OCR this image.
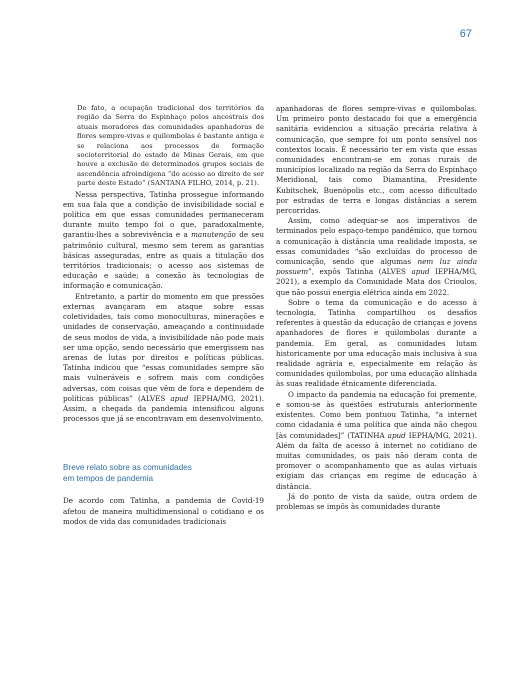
67

De fato, a ocupação tradicional dos territórios da região da Serra do Espinhaço pelos ancestrais dos atuais moradores das comunidades apanhadoras de flores sempre-vivas e quilombolas é bastante antiga e se relaciona aos processos de formação socioterritorial do estado de Minas Gerais, em que houve a exclusão de determinados grupos sociais de ascendência afroindígena “do acesso ao direito de ser parte deste Estado” (SANTANA FILHO, 2014, p. 21).

Nessa perspectiva, Tatinha prossegue informando em sua fala que a condição de invisibilidade social e política em que essas comunidades permaneceram durante muito tempo foi o que, paradoxalmente, garantiu-lhes a sobrevivência e a manutenção de seu patrimônio cultural, mesmo sem terem as garantias básicas asseguradas, entre as quais a titulação dos territórios tradicionais; o acesso aos sistemas de educação e saúde; a conexão às tecnologias de informação e comunicação.

Entretanto, a partir do momento em que pressões externas avançaram em ataque sobre essas coletividades, tais como monoculturas, minerações e unidades de conservação, ameaçando a continuidade de seus modos de vida, a invisibilidade não pode mais ser uma opção, sendo necessário que emergissem nas arenas de lutas por direitos e políticas públicas. Tatinha indicou que “essas comunidades sempre são mais vulneráveis e sofrem mais com condições adversas, com coisas que vêm de fora e dependem de políticas públicas” (ALVES apud IEPHA/MG, 2021). Assim, a chegada da pandemia intensificou alguns processos que já se encontravam em desenvolvimento.

Breve relato sobre as comunidades
em tempos de pandemia

De acordo com Tatinha, a pandemia de Covid-19 afetou de maneira multidimensional o cotidiano e os modos de vida das comunidades tradicionais

apanhadoras de flores sempre-vivas e quilombolas. Um primeiro ponto destacado foi que a emergência sanitária evidenciou a situação precária relativa à comunicação, que sempre foi um ponto sensível nos contextos locais. É necessário ter em vista que essas comunidades encontram-se em zonas rurais de municípios localizado na região da Serra do Espinhaço Meridional, tais como Diamantina, Presidente Kubitschek, Buenópolis etc., com acesso dificultado por estradas de terra e longas distâncias a serem percorridas.

Assim, como adequar-se aos imperativos de terminados pelo espaço-tempo pandêmico, que tornou a comunicação à distância uma realidade imposta, se essas comunidades “são excluídas do processo de comunicação, sendo que algumas nem luz ainda possuem”, expôs Tatinha (ALVES apud IEPHA/MG, 2021), a exemplo da Comunidade Mata dos Crioulos, que não possui energia elétrica ainda em 2022.

Sobre o tema da comunicação e do acesso à tecnologia, Tatinha compartilhou os desafios referentes à questão da educação de crianças e jovens apanhadores de flores e quilombolas durante a pandemia. Em geral, as comunidades lutam historicamente por uma educação mais inclusiva à sua realidade agrária e, especialmente em relação às comunidades quilombolas, por uma educação alinhada às suas realidade étnicamente diferenciada.

O impacto da pandemia na educação foi premente, e somou-se às questões estruturais anteriormente existentes. Como bem pontuou Tatinha, “a internet como cidadania é uma política que ainda não chegou [às comunidades]” (TATINHA apud IEPHA/MG, 2021). Além da falta de acesso à internet no cotidiano de muitas comunidades, os pais não deram conta de promover o acompanhamento que as aulas virtuais exigiam das crianças em regime de educação à distância.

Já do ponto de vista da saúde, outra ordem de problemas se impôs às comunidades durante
